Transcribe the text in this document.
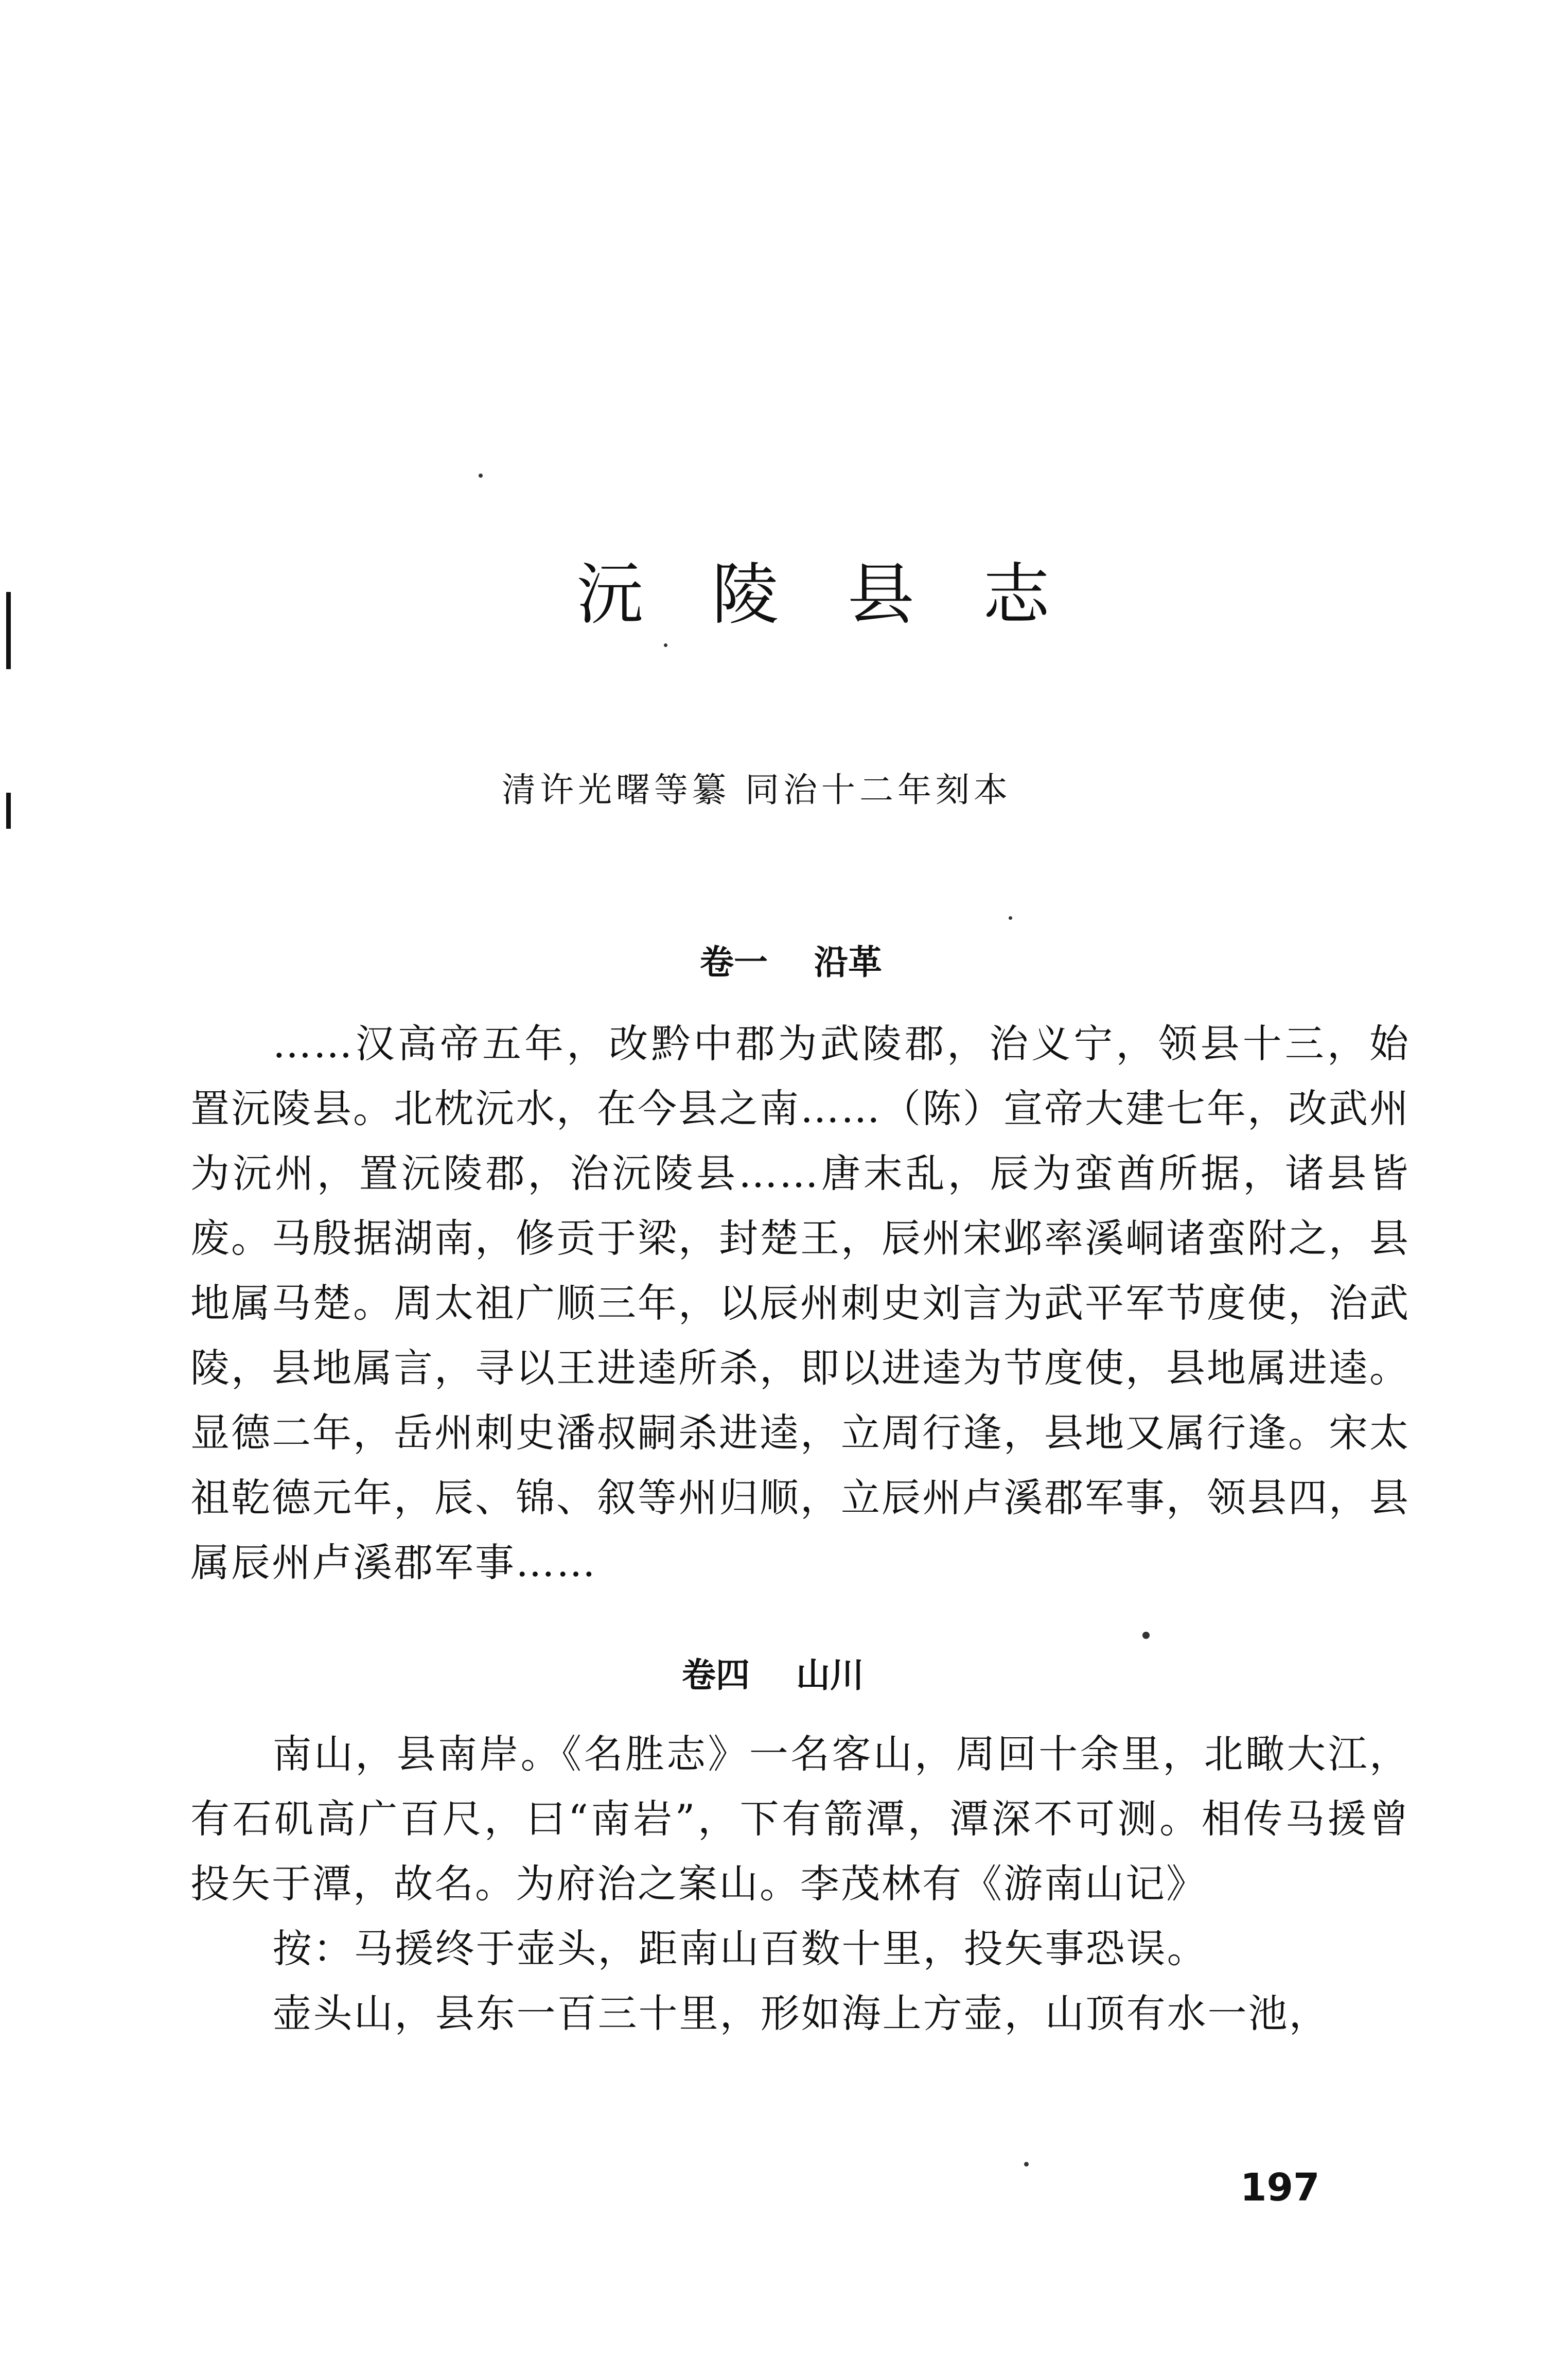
沅 陵 县 志
清许光曙等纂 同治十二年刻本
卷一 沿革

……汉高帝五年，改黔中郡为武陵郡，治义宁，领县十三，始置沅陵县。北枕沅水，在今县之南……（陈）宣帝大建七年，改武州为沅州，置沅陵郡，治沅陵县……唐末乱，辰为蛮酋所据，诸县皆废。马殷据湖南，修贡于梁，封楚王，辰州宋邺率溪峒诸蛮附之，县地属马楚。周太祖广顺三年，以辰州刺史刘言为武平军节度使，治武陵，县地属言，寻以王进逵所杀，即以进逵为节度使，县地属进逵。显德二年，岳州刺史潘叔嗣杀进逵，立周行逢，县地又属行逢。宋太祖乾德元年，辰、锦、叙等州归顺，立辰州卢溪郡军事，领县四，县属辰州卢溪郡军事……

卷四 山川

南山，县南岸。《名胜志》一名客山，周回十余里，北瞰大江，有石矶高广百尺，曰“南岩”，下有箭潭，潭深不可测。相传马援曾投矢于潭，故名。为府治之案山。李茂林有《游南山记》

按：马援终于壶头，距南山百数十里，投矢事恐误。

壶头山，县东一百三十里，形如海上方壶，山顶有水一池，

197
